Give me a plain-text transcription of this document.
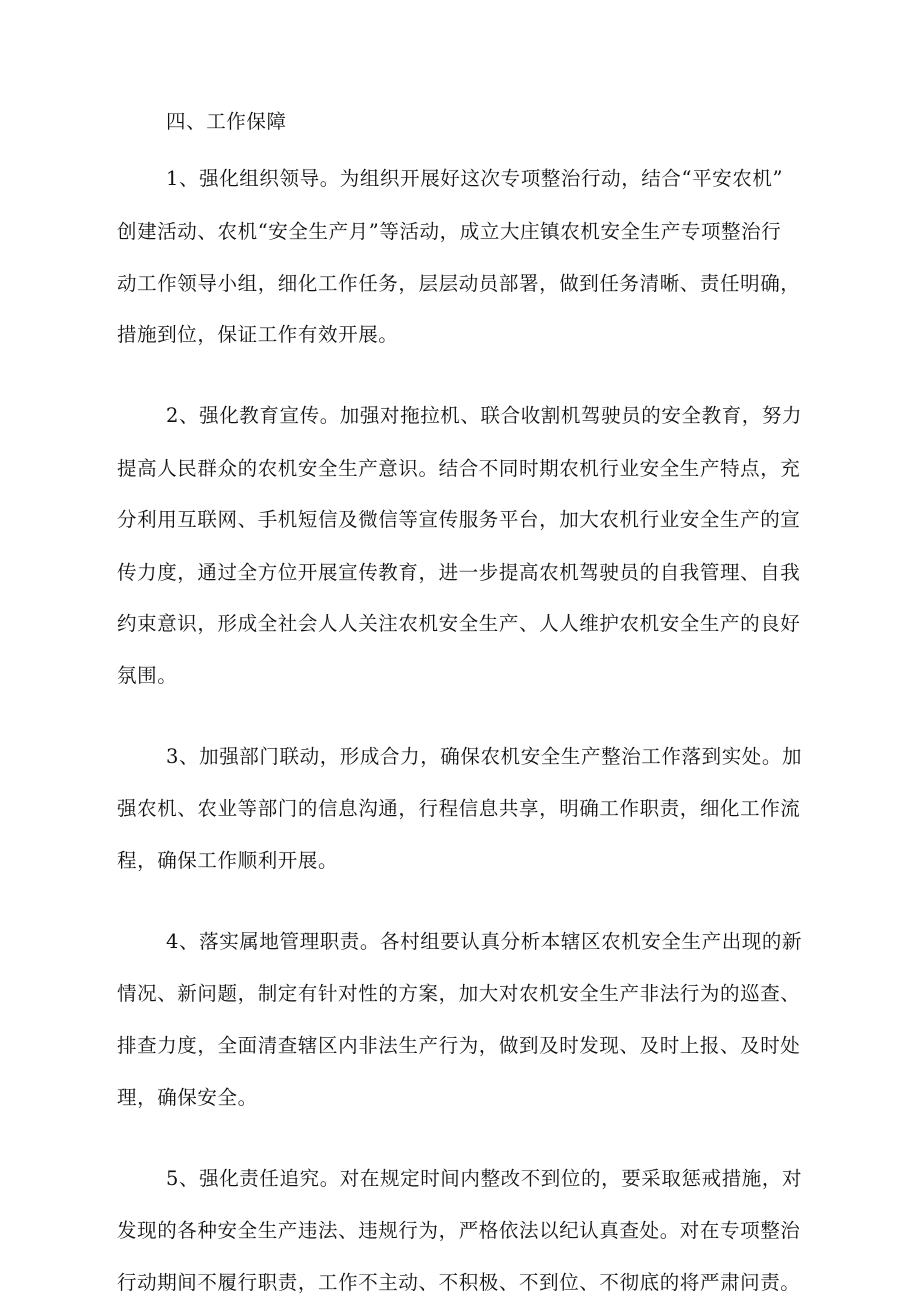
四、工作保障
1、强化组织领导。为组织开展好这次专项整治行动，结合“平安农机”
创建活动、农机“安全生产月”等活动，成立大庄镇农机安全生产专项整治行
动工作领导小组，细化工作任务，层层动员部署，做到任务清晰、责任明确，
措施到位，保证工作有效开展。
2、强化教育宣传。加强对拖拉机、联合收割机驾驶员的安全教育，努力
提高人民群众的农机安全生产意识。结合不同时期农机行业安全生产特点，充
分利用互联网、手机短信及微信等宣传服务平台，加大农机行业安全生产的宣
传力度，通过全方位开展宣传教育，进一步提高农机驾驶员的自我管理、自我
约束意识，形成全社会人人关注农机安全生产、人人维护农机安全生产的良好
氛围。
3、加强部门联动，形成合力，确保农机安全生产整治工作落到实处。加
强农机、农业等部门的信息沟通，行程信息共享，明确工作职责，细化工作流
程，确保工作顺利开展。
4、落实属地管理职责。各村组要认真分析本辖区农机安全生产出现的新
情况、新问题，制定有针对性的方案，加大对农机安全生产非法行为的巡查、
排查力度，全面清查辖区内非法生产行为，做到及时发现、及时上报、及时处
理，确保安全。
5、强化责任追究。对在规定时间内整改不到位的，要采取惩戒措施，对
发现的各种安全生产违法、违规行为，严格依法以纪认真查处。对在专项整治
行动期间不履行职责，工作不主动、不积极、不到位、不彻底的将严肃问责。
